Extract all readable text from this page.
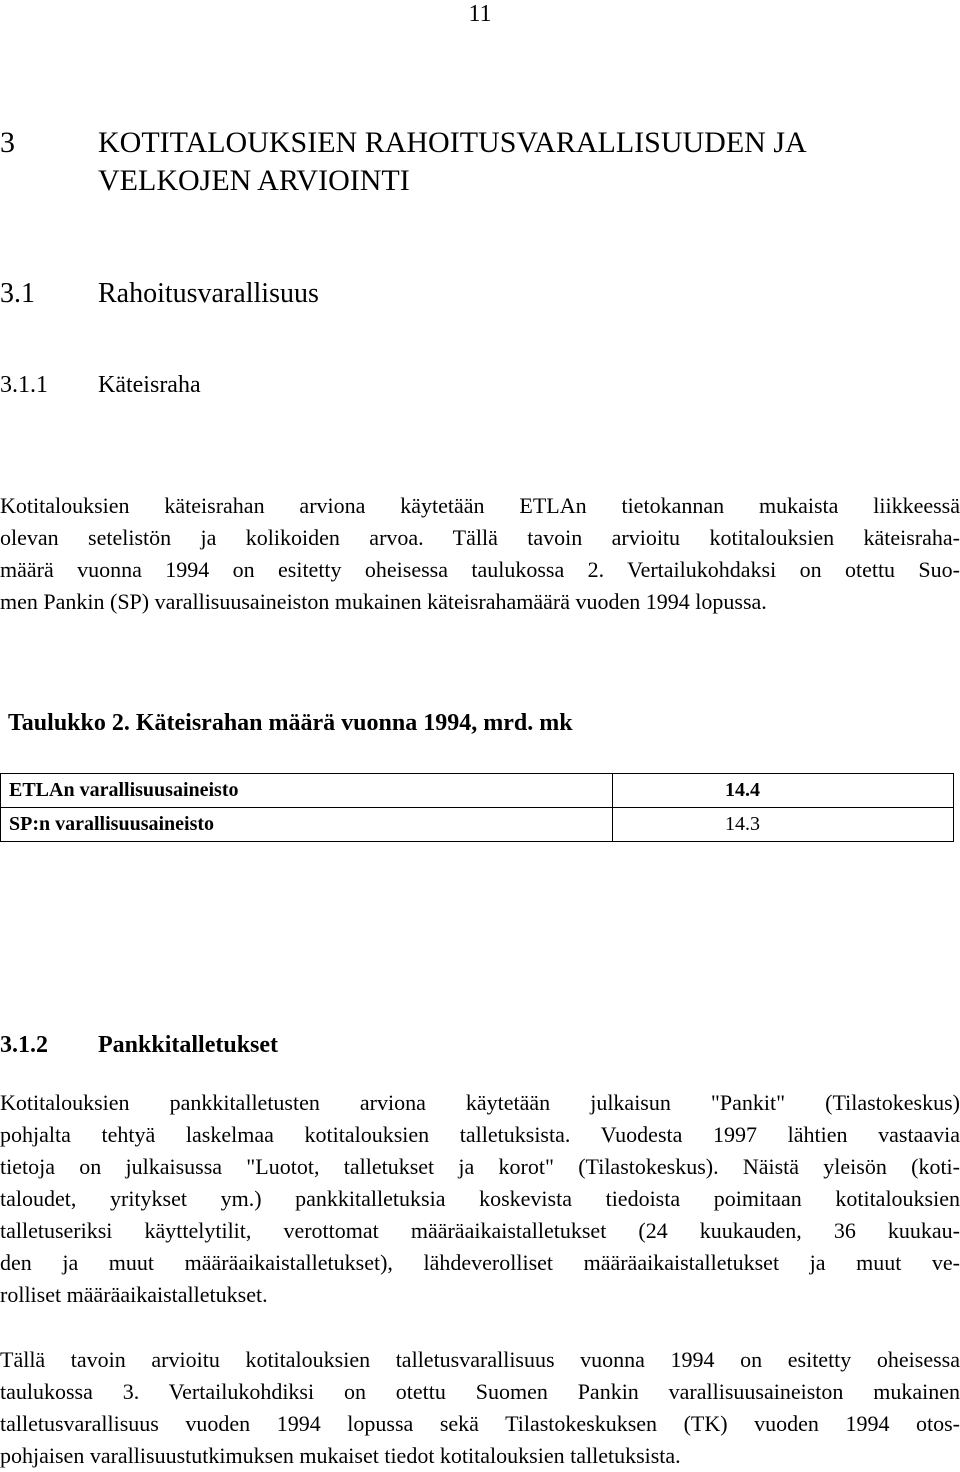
11
3	KOTITALOUKSIEN RAHOITUSVARALLISUUDEN JA
VELKOJEN ARVIOINTI
3.1 Rahoitusvarallisuus
3.1.1 Käteisraha
Kotitalouksien käteisrahan arviona käytetään ETLAn tietokannan mukaista liikkeessä
olevan setelistön ja kolikoiden arvoa. Tällä tavoin arvioitu kotitalouksien käteisraha-
määrä vuonna 1994 on esitetty oheisessa taulukossa 2. Vertailukohdaksi on otettu Suo-
men Pankin (SP) varallisuusaineiston mukainen käteisrahamäärä vuoden 1994 lopussa.
Taulukko 2. Käteisrahan määrä vuonna 1994, mrd. mk
ETLAn varallisuusaineisto	14.4
SP:n varallisuusaineisto	14.3
3.1.2 Pankkitalletukset
Kotitalouksien pankkitalletusten arviona käytetään julkaisun "Pankit" (Tilastokeskus)
pohjalta tehtyä laskelmaa kotitalouksien talletuksista. Vuodesta 1997 lähtien vastaavia
tietoja on julkaisussa "Luotot, talletukset ja korot" (Tilastokeskus). Näistä yleisön (koti-
taloudet, yritykset ym.) pankkitalletuksia koskevista tiedoista poimitaan kotitalouksien
talletuseriksi käyttelytilit, verottomat määräaikaistalletukset (24 kuukauden, 36 kuukau-
den ja muut määräaikaistalletukset), lähdeverolliset määräaikaistalletukset ja muut ve-
rolliset määräaikaistalletukset.
Tällä tavoin arvioitu kotitalouksien talletusvarallisuus vuonna 1994 on esitetty oheisessa
taulukossa 3. Vertailukohdiksi on otettu Suomen Pankin varallisuusaineiston mukainen
talletusvarallisuus vuoden 1994 lopussa sekä Tilastokeskuksen (TK) vuoden 1994 otos-
pohjaisen varallisuustutkimuksen mukaiset tiedot kotitalouksien talletuksista.
